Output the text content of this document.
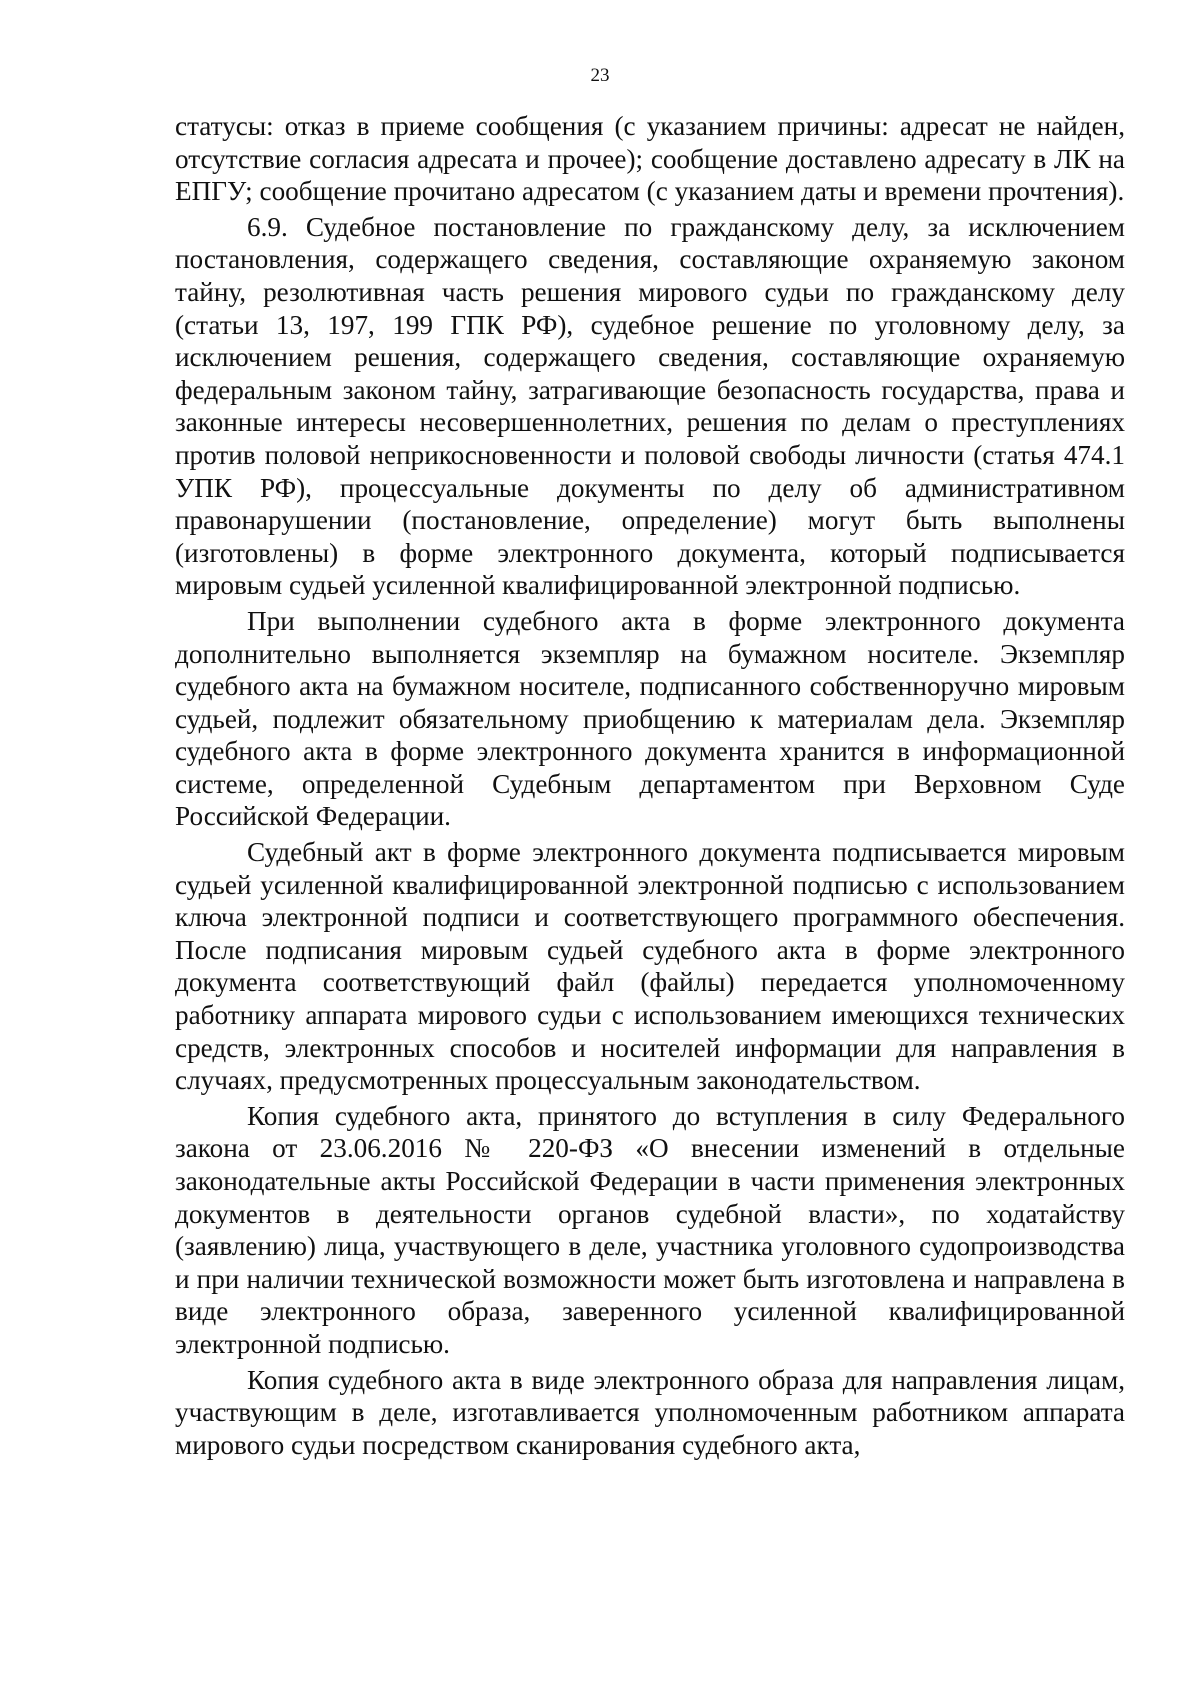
23

статусы: отказ в приеме сообщения (с указанием причины: адресат не найден, отсутствие согласия адресата и прочее); сообщение доставлено адресату в ЛК на ЕПГУ; сообщение прочитано адресатом (с указанием даты и времени прочтения).

6.9. Судебное постановление по гражданскому делу, за исключением постановления, содержащего сведения, составляющие охраняемую законом тайну, резолютивная часть решения мирового судьи по гражданскому делу (статьи 13, 197, 199 ГПК РФ), судебное решение по уголовному делу, за исключением решения, содержащего сведения, составляющие охраняемую федеральным законом тайну, затрагивающие безопасность государства, права и законные интересы несовершеннолетних, решения по делам о преступлениях против половой неприкосновенности и половой свободы личности (статья 474.1 УПК РФ), процессуальные документы по делу об административном правонарушении (постановление, определение) могут быть выполнены (изготовлены) в форме электронного документа, который подписывается мировым судьей усиленной квалифицированной электронной подписью.

При выполнении судебного акта в форме электронного документа дополнительно выполняется экземпляр на бумажном носителе. Экземпляр судебного акта на бумажном носителе, подписанного собственноручно мировым судьей, подлежит обязательному приобщению к материалам дела. Экземпляр судебного акта в форме электронного документа хранится в информационной системе, определенной Судебным департаментом при Верховном Суде Российской Федерации.

Судебный акт в форме электронного документа подписывается мировым судьей усиленной квалифицированной электронной подписью с использованием ключа электронной подписи и соответствующего программного обеспечения. После подписания мировым судьей судебного акта в форме электронного документа соответствующий файл (файлы) передается уполномоченному работнику аппарата мирового судьи с использованием имеющихся технических средств, электронных способов и носителей информации для направления в случаях, предусмотренных процессуальным законодательством.

Копия судебного акта, принятого до вступления в силу Федерального закона от 23.06.2016 № 220-ФЗ «О внесении изменений в отдельные законодательные акты Российской Федерации в части применения электронных документов в деятельности органов судебной власти», по ходатайству (заявлению) лица, участвующего в деле, участника уголовного судопроизводства и при наличии технической возможности может быть изготовлена и направлена в виде электронного образа, заверенного усиленной квалифицированной электронной подписью.

Копия судебного акта в виде электронного образа для направления лицам, участвующим в деле, изготавливается уполномоченным работником аппарата мирового судьи посредством сканирования судебного акта,
